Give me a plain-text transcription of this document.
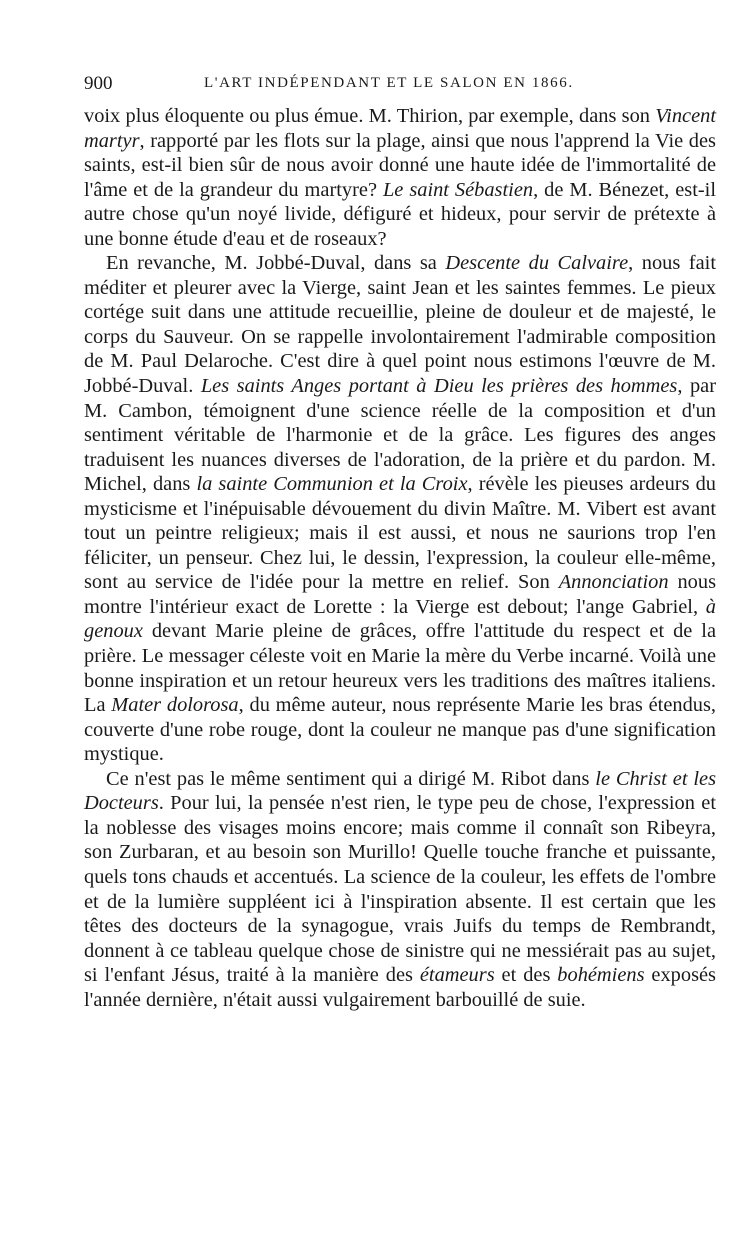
900	L'ART INDÉPENDANT ET LE SALON EN 1866.

voix plus éloquente ou plus émue. M. Thirion, par exemple, dans son Vincent martyr, rapporté par les flots sur la plage, ainsi que nous l'apprend la Vie des saints, est-il bien sûr de nous avoir donné une haute idée de l'immortalité de l'âme et de la grandeur du martyre? Le saint Sébastien, de M. Bénezet, est-il autre chose qu'un noyé livide, défiguré et hideux, pour servir de prétexte à une bonne étude d'eau et de roseaux?

En revanche, M. Jobbé-Duval, dans sa Descente du Calvaire, nous fait méditer et pleurer avec la Vierge, saint Jean et les saintes femmes. Le pieux cortége suit dans une attitude recueillie, pleine de douleur et de majesté, le corps du Sauveur. On se rappelle involontairement l'admirable composition de M. Paul Delaroche. C'est dire à quel point nous estimons l'œuvre de M. Jobbé-Duval. Les saints Anges portant à Dieu les prières des hommes, par M. Cambon, témoignent d'une science réelle de la composition et d'un sentiment véritable de l'harmonie et de la grâce. Les figures des anges traduisent les nuances diverses de l'adoration, de la prière et du pardon. M. Michel, dans la sainte Communion et la Croix, révèle les pieuses ardeurs du mysticisme et l'inépuisable dévouement du divin Maître. M. Vibert est avant tout un peintre religieux; mais il est aussi, et nous ne saurions trop l'en féliciter, un penseur. Chez lui, le dessin, l'expression, la couleur elle-même, sont au service de l'idée pour la mettre en relief. Son Annonciation nous montre l'intérieur exact de Lorette : la Vierge est debout; l'ange Gabriel, à genoux devant Marie pleine de grâces, offre l'attitude du respect et de la prière. Le messager céleste voit en Marie la mère du Verbe incarné. Voilà une bonne inspiration et un retour heureux vers les traditions des maîtres italiens. La Mater dolorosa, du même auteur, nous représente Marie les bras étendus, couverte d'une robe rouge, dont la couleur ne manque pas d'une signification mystique.

Ce n'est pas le même sentiment qui a dirigé M. Ribot dans le Christ et les Docteurs. Pour lui, la pensée n'est rien, le type peu de chose, l'expression et la noblesse des visages moins encore; mais comme il connaît son Ribeyra, son Zurbaran, et au besoin son Murillo! Quelle touche franche et puissante, quels tons chauds et accentués. La science de la couleur, les effets de l'ombre et de la lumière suppléent ici à l'inspiration absente. Il est certain que les têtes des docteurs de la synagogue, vrais Juifs du temps de Rembrandt, donnent à ce tableau quelque chose de sinistre qui ne messiérait pas au sujet, si l'enfant Jésus, traité à la manière des étameurs et des bohémiens exposés l'année dernière, n'était aussi vulgairement barbouillé de suie.
